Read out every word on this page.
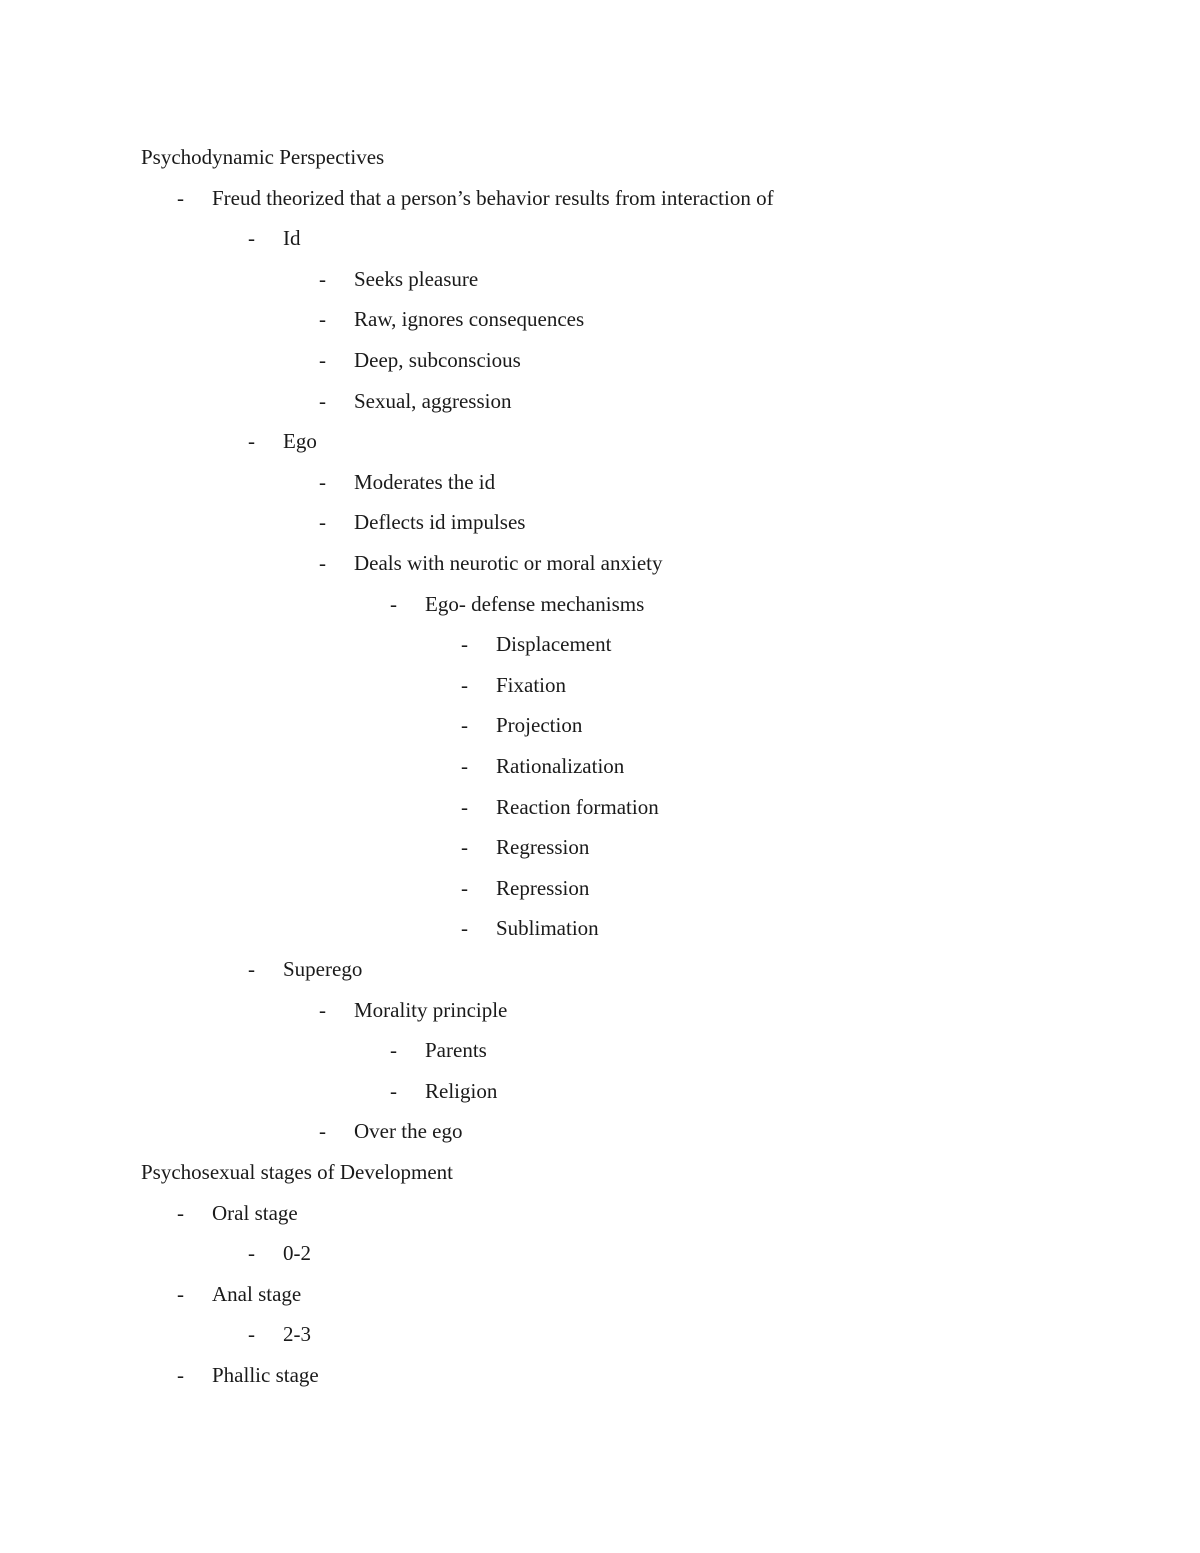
Psychodynamic Perspectives
- Freud theorized that a person’s behavior results from interaction of
- Id
- Seeks pleasure
- Raw, ignores consequences
- Deep, subconscious
- Sexual, aggression
- Ego
- Moderates the id
- Deflects id impulses
- Deals with neurotic or moral anxiety
- Ego- defense mechanisms
- Displacement
- Fixation
- Projection
- Rationalization
- Reaction formation
- Regression
- Repression
- Sublimation
- Superego
- Morality principle
- Parents
- Religion
- Over the ego
Psychosexual stages of Development
- Oral stage
- 0-2
- Anal stage
- 2-3
- Phallic stage
